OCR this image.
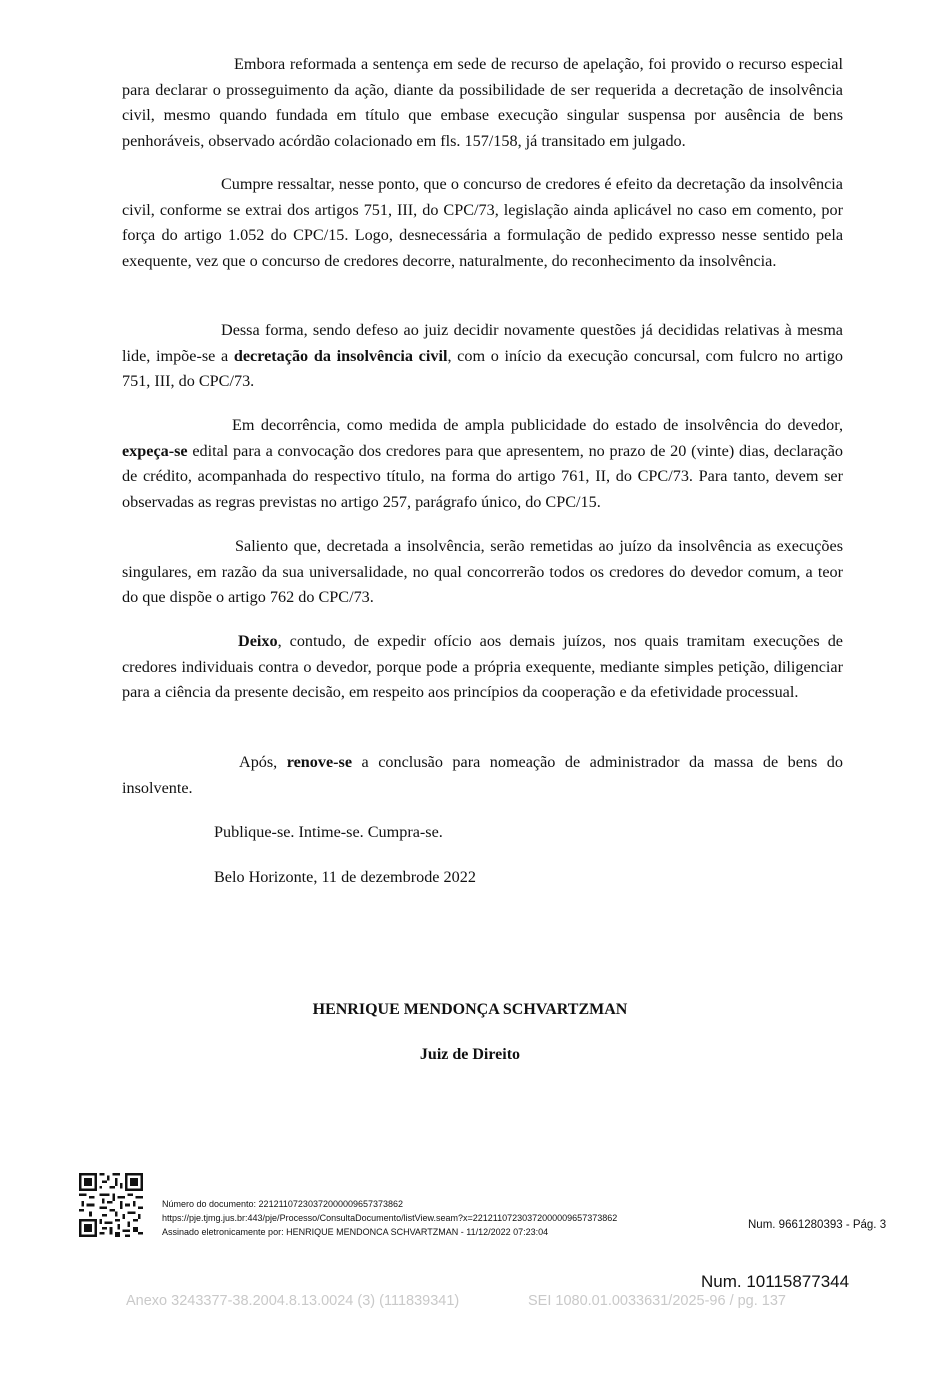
Embora reformada a sentença em sede de recurso de apelação, foi provido o recurso especial para declarar o prosseguimento da ação, diante da possibilidade de ser requerida a decretação de insolvência civil, mesmo quando fundada em título que embase execução singular suspensa por ausência de bens penhoráveis, observado acórdão colacionado em fls. 157/158, já transitado em julgado.

Cumpre ressaltar, nesse ponto, que o concurso de credores é efeito da decretação da insolvência civil, conforme se extrai dos artigos 751, III, do CPC/73, legislação ainda aplicável no caso em comento, por força do artigo 1.052 do CPC/15. Logo, desnecessária a formulação de pedido expresso nesse sentido pela exequente, vez que o concurso de credores decorre, naturalmente, do reconhecimento da insolvência.

Dessa forma, sendo defeso ao juiz decidir novamente questões já decididas relativas à mesma lide, impõe-se a decretação da insolvência civil, com o início da execução concursal, com fulcro no artigo 751, III, do CPC/73.

Em decorrência, como medida de ampla publicidade do estado de insolvência do devedor, expeça-se edital para a convocação dos credores para que apresentem, no prazo de 20 (vinte) dias, declaração de crédito, acompanhada do respectivo título, na forma do artigo 761, II, do CPC/73. Para tanto, devem ser observadas as regras previstas no artigo 257, parágrafo único, do CPC/15.

Saliento que, decretada a insolvência, serão remetidas ao juízo da insolvência as execuções singulares, em razão da sua universalidade, no qual concorrerão todos os credores do devedor comum, a teor do que dispõe o artigo 762 do CPC/73.

Deixo, contudo, de expedir ofício aos demais juízos, nos quais tramitam execuções de credores individuais contra o devedor, porque pode a própria exequente, mediante simples petição, diligenciar para a ciência da presente decisão, em respeito aos princípios da cooperação e da efetividade processual.

Após, renove-se a conclusão para nomeação de administrador da massa de bens do insolvente.

Publique-se. Intime-se. Cumpra-se.

Belo Horizonte, 11 de dezembrode 2022

HENRIQUE MENDONÇA SCHVARTZMAN

Juiz de Direito

Número do documento: 22121107230372000009657373862

https://pje.tjmg.jus.br:443/pje/Processo/ConsultaDocumento/listView.seam?x=22121107230372000009657373862

Assinado eletronicamente por: HENRIQUE MENDONCA SCHVARTZMAN - 11/12/2022 07:23:04

Num. 9661280393 - Pág. 3

Num. 10115877344

Anexo 3243377-38.2004.8.13.0024 (3) (111839341)	SEI 1080.01.0033631/2025-96 / pg. 137
